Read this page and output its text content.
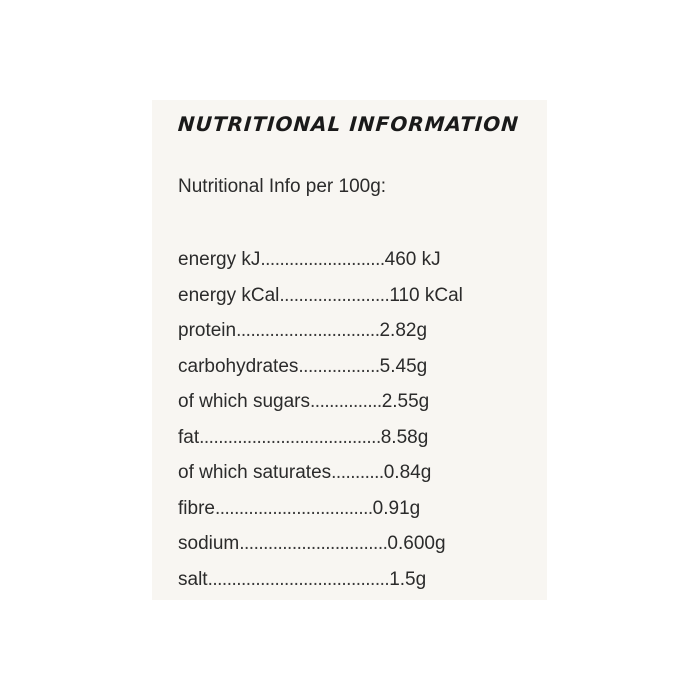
NUTRITIONAL INFORMATION

Nutritional Info per 100g:

energy kJ..........................460 kJ
energy kCal.......................110 kCal
protein..............................2.82g
carbohydrates.................5.45g
of which sugars...............2.55g
fat......................................8.58g
of which saturates...........0.84g
fibre.................................0.91g
sodium...............................0.600g
salt......................................1.5g
